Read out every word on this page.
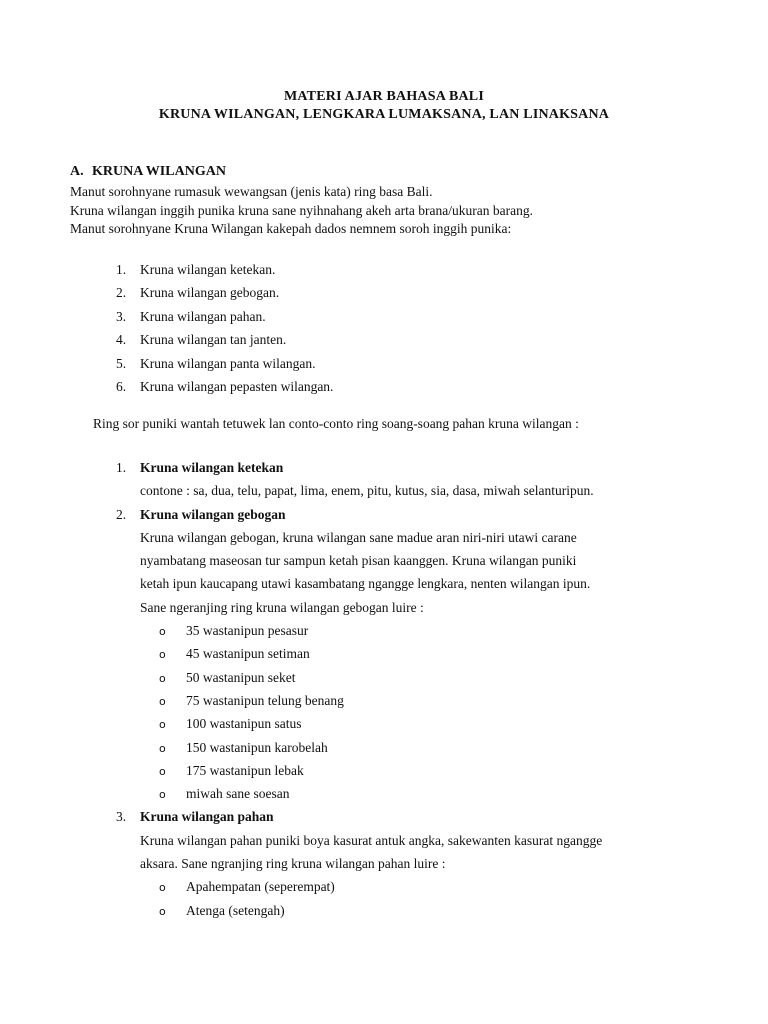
MATERI AJAR BAHASA BALI
KRUNA WILANGAN, LENGKARA LUMAKSANA, LAN LINAKSANA
A. KRUNA WILANGAN
Manut sorohnyane rumasuk wewangsan (jenis kata) ring basa Bali.
Kruna wilangan inggih punika kruna sane nyihnahang akeh arta brana/ukuran barang.
Manut sorohnyane Kruna Wilangan kakepah dados nemnem soroh inggih punika:
1. Kruna wilangan ketekan.
2. Kruna wilangan gebogan.
3. Kruna wilangan pahan.
4. Kruna wilangan tan janten.
5. Kruna wilangan panta wilangan.
6. Kruna wilangan pepasten wilangan.
Ring sor puniki wantah tetuwek lan conto-conto ring soang-soang pahan kruna wilangan :
1. Kruna wilangan ketekan
contone : sa, dua, telu, papat, lima, enem, pitu, kutus, sia, dasa, miwah selanturipun.
2. Kruna wilangan gebogan
Kruna wilangan gebogan, kruna wilangan sane madue aran niri-niri utawi carane
nyambatang maseosan tur sampun ketah pisan kaanggen. Kruna wilangan puniki
ketah ipun kaucapang utawi kasambatang ngangge lengkara, nenten wilangan ipun.
Sane ngeranjing ring kruna wilangan gebogan luire :
o 35 wastanipun pesasur
o 45 wastanipun setiman
o 50 wastanipun seket
o 75 wastanipun telung benang
o 100 wastanipun satus
o 150 wastanipun karobelah
o 175 wastanipun lebak
o miwah sane soesan
3. Kruna wilangan pahan
Kruna wilangan pahan puniki boya kasurat antuk angka, sakewanten kasurat ngangge
aksara. Sane ngranjing ring kruna wilangan pahan luire :
o Apahempatan (seperempat)
o Atenga (setengah)
